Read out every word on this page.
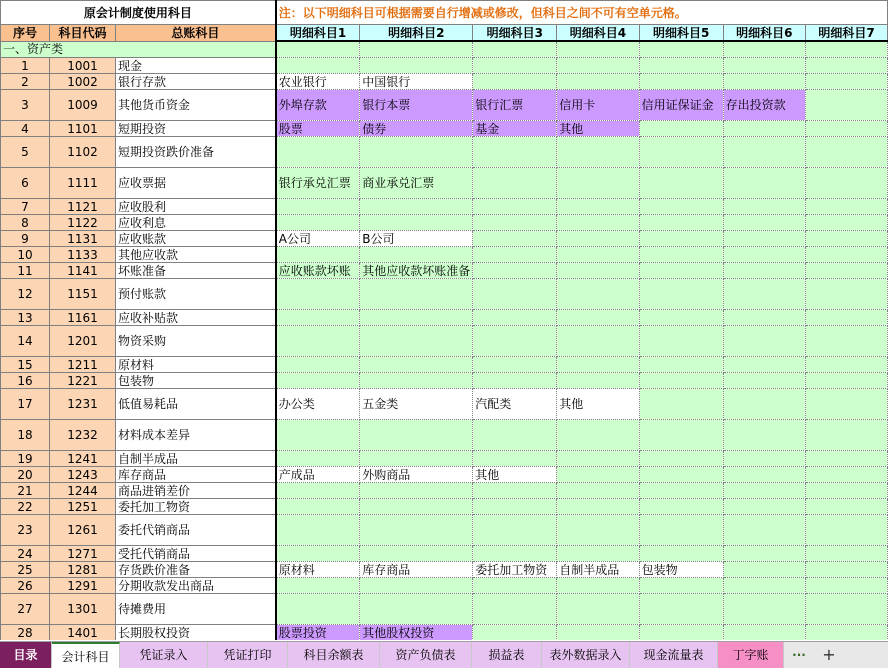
原会计制度使用科目			注：以下明细科目可根据需要自行增减或修改，但科目之间不可有空单元格。						
序号	科目代码	总账科目	明细科目1	明细科目2	明细科目3	明细科目4	明细科目5	明细科目6	明细科目7
一、资产类									
1	1001	现金							
2	1002	银行存款	农业银行	中国银行					
3	1009	其他货币资金	外埠存款	银行本票	银行汇票	信用卡	信用证保证金	存出投资款	
4	1101	短期投资	股票	债券	基金	其他			
5	1102	短期投资跌价准备							
6	1111	应收票据	银行承兑汇票	商业承兑汇票					
7	1121	应收股利							
8	1122	应收利息							
9	1131	应收账款	A公司	B公司					
10	1133	其他应收款							
11	1141	坏账准备	应收账款坏账	其他应收款坏账准备					
12	1151	预付账款							
13	1161	应收补贴款							
14	1201	物资采购							
15	1211	原材料							
16	1221	包装物							
17	1231	低值易耗品	办公类	五金类	汽配类	其他			
18	1232	材料成本差异							
19	1241	自制半成品							
20	1243	库存商品	产成品	外购商品	其他				
21	1244	商品进销差价							
22	1251	委托加工物资							
23	1261	委托代销商品							
24	1271	受托代销商品							
25	1281	存货跌价准备	原材料	库存商品	委托加工物资	自制半成品	包装物		
26	1291	分期收款发出商品							
27	1301	待摊费用							
28	1401	长期股权投资	股票投资	其他股权投资					
目录	会计科目	凭证录入	凭证打印	科目余额表	资产负债表	损益表	表外数据录入	现金流量表	丁字账	···	+
